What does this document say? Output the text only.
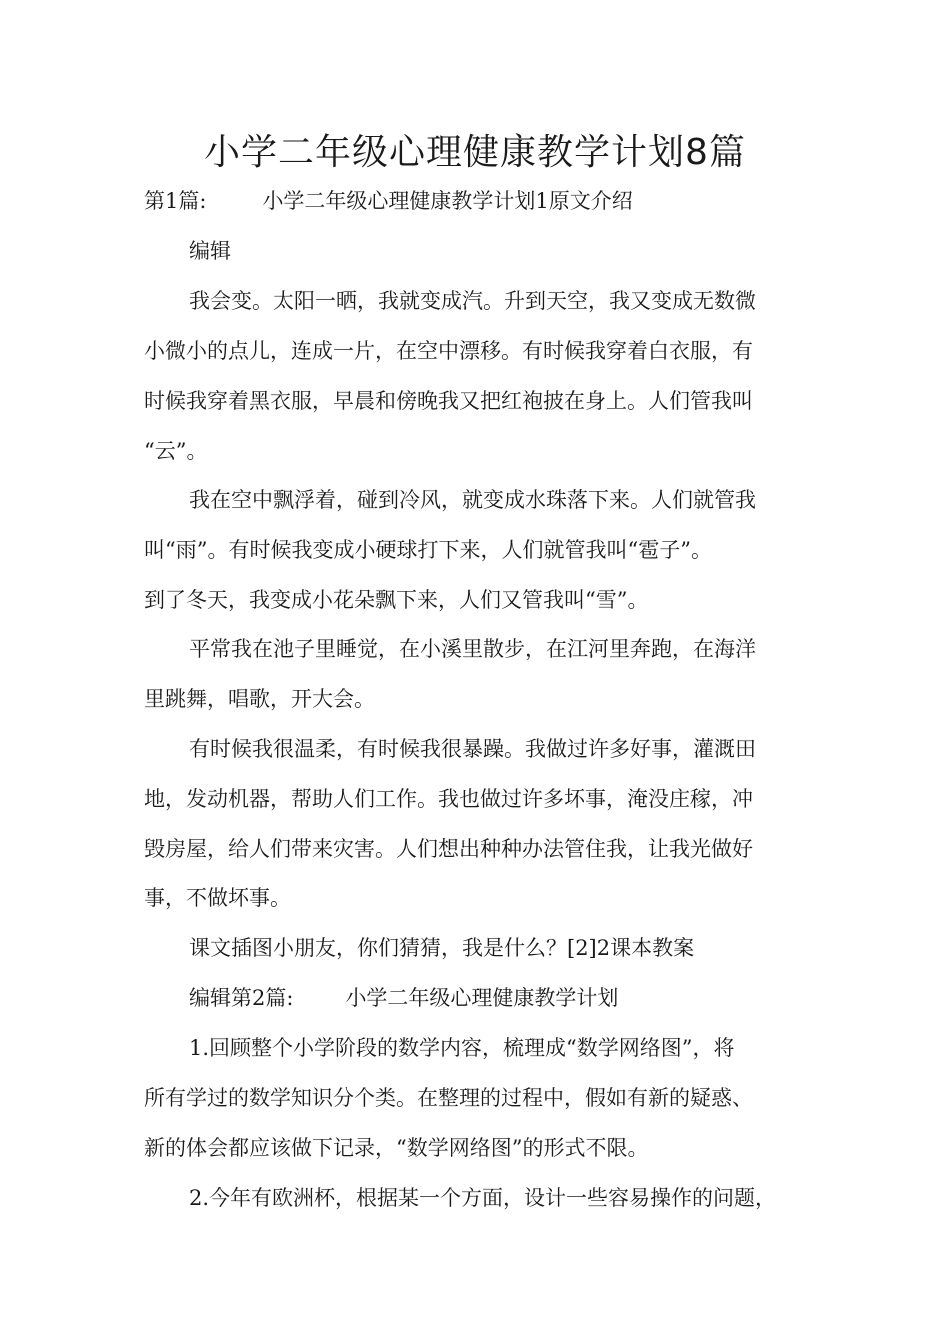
小学二年级心理健康教学计划8篇
第1篇:	小学二年级心理健康教学计划1原文介绍
编辑
我会变。太阳一晒，我就变成汽。升到天空，我又变成无数微
小微小的点儿，连成一片，在空中漂移。有时候我穿着白衣服，有
时候我穿着黑衣服，早晨和傍晚我又把红袍披在身上。人们管我叫
“云”。
我在空中飘浮着，碰到冷风，就变成水珠落下来。人们就管我
叫“雨”。有时候我变成小硬球打下来，人们就管我叫“雹子”。
到了冬天，我变成小花朵飘下来，人们又管我叫“雪”。
平常我在池子里睡觉，在小溪里散步，在江河里奔跑，在海洋
里跳舞，唱歌，开大会。
有时候我很温柔，有时候我很暴躁。我做过许多好事，灌溉田
地，发动机器，帮助人们工作。我也做过许多坏事，淹没庄稼，冲
毁房屋，给人们带来灾害。人们想出种种办法管住我，让我光做好
事，不做坏事。
课文插图小朋友，你们猜猜，我是什么？[2]2课本教案
编辑第2篇: 小学二年级心理健康教学计划
1.回顾整个小学阶段的数学内容，梳理成“数学网络图”，将
所有学过的数学知识分个类。在整理的过程中，假如有新的疑惑、
新的体会都应该做下记录，“数学网络图”的形式不限。
2.今年有欧洲杯，根据某一个方面，设计一些容易操作的问题，
